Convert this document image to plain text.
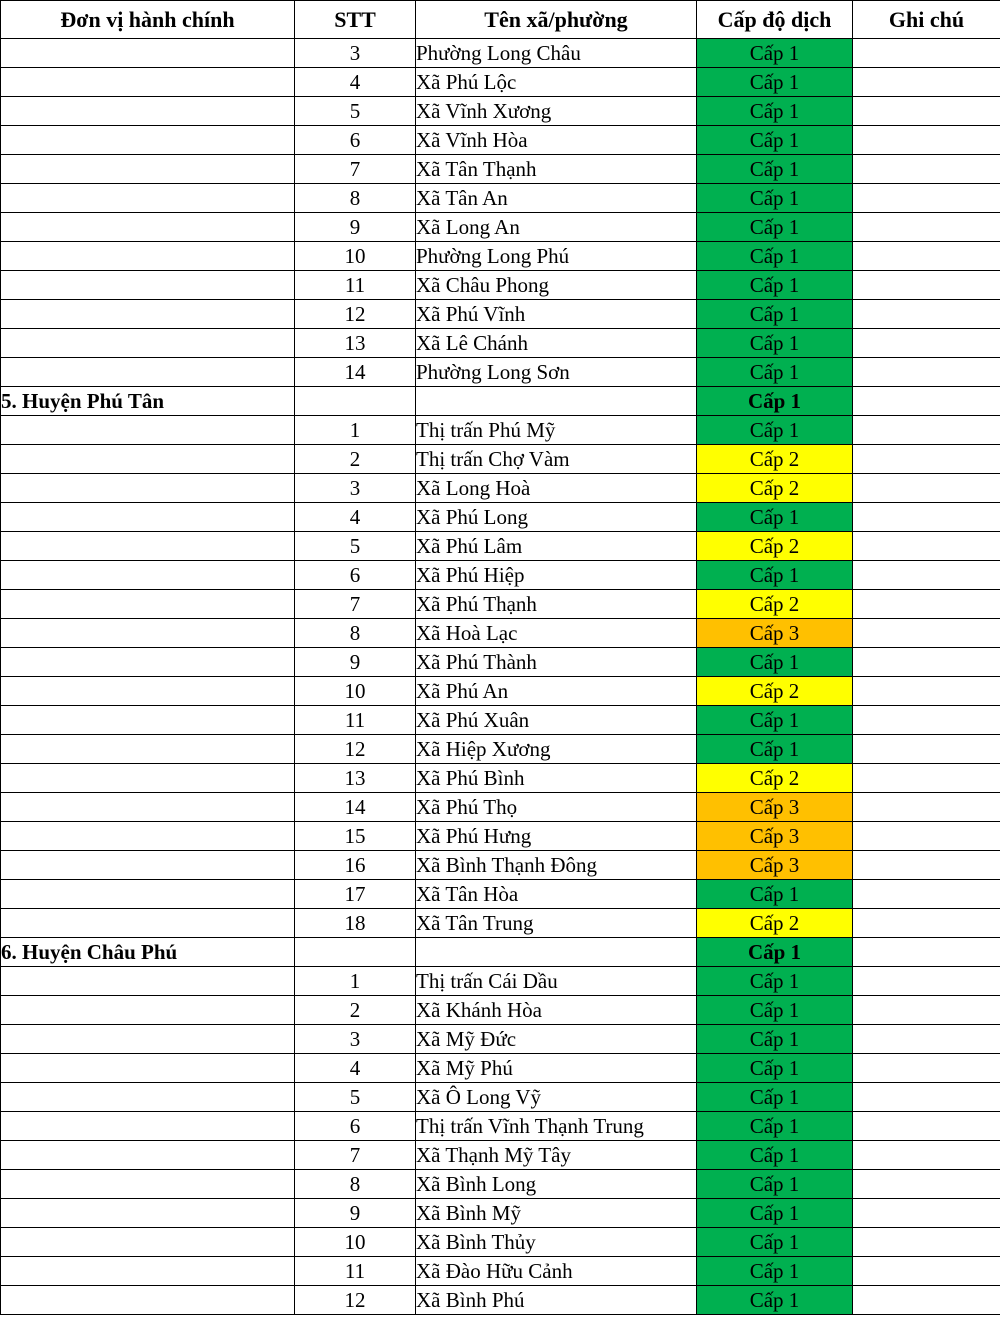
Đơn vị hành chính	STT	Tên xã/phường	Cấp độ dịch	Ghi chú
	3	Phường Long Châu	Cấp 1	
	4	Xã Phú Lộc	Cấp 1	
	5	Xã Vĩnh Xương	Cấp 1	
	6	Xã Vĩnh Hòa	Cấp 1	
	7	Xã Tân Thạnh	Cấp 1	
	8	Xã Tân An	Cấp 1	
	9	Xã Long An	Cấp 1	
	10	Phường Long Phú	Cấp 1	
	11	Xã Châu Phong	Cấp 1	
	12	Xã Phú Vĩnh	Cấp 1	
	13	Xã Lê Chánh	Cấp 1	
	14	Phường Long Sơn	Cấp 1	
5. Huyện Phú Tân			Cấp 1	
	1	Thị trấn Phú Mỹ	Cấp 1	
	2	Thị trấn Chợ Vàm	Cấp 2	
	3	Xã Long Hoà	Cấp 2	
	4	Xã Phú Long	Cấp 1	
	5	Xã Phú Lâm	Cấp 2	
	6	Xã Phú Hiệp	Cấp 1	
	7	Xã Phú Thạnh	Cấp 2	
	8	Xã Hoà Lạc	Cấp 3	
	9	Xã Phú Thành	Cấp 1	
	10	Xã Phú An	Cấp 2	
	11	Xã Phú Xuân	Cấp 1	
	12	Xã Hiệp Xương	Cấp 1	
	13	Xã Phú Bình	Cấp 2	
	14	Xã Phú Thọ	Cấp 3	
	15	Xã Phú Hưng	Cấp 3	
	16	Xã Bình Thạnh Đông	Cấp 3	
	17	Xã Tân Hòa	Cấp 1	
	18	Xã Tân Trung	Cấp 2	
6. Huyện Châu Phú			Cấp 1	
	1	Thị trấn Cái Dầu	Cấp 1	
	2	Xã Khánh Hòa	Cấp 1	
	3	Xã Mỹ Đức	Cấp 1	
	4	Xã Mỹ Phú	Cấp 1	
	5	Xã Ô Long Vỹ	Cấp 1	
	6	Thị trấn Vĩnh Thạnh Trung	Cấp 1	
	7	Xã Thạnh Mỹ Tây	Cấp 1	
	8	Xã Bình Long	Cấp 1	
	9	Xã Bình Mỹ	Cấp 1	
	10	Xã Bình Thủy	Cấp 1	
	11	Xã Đào Hữu Cảnh	Cấp 1	
	12	Xã Bình Phú	Cấp 1	
